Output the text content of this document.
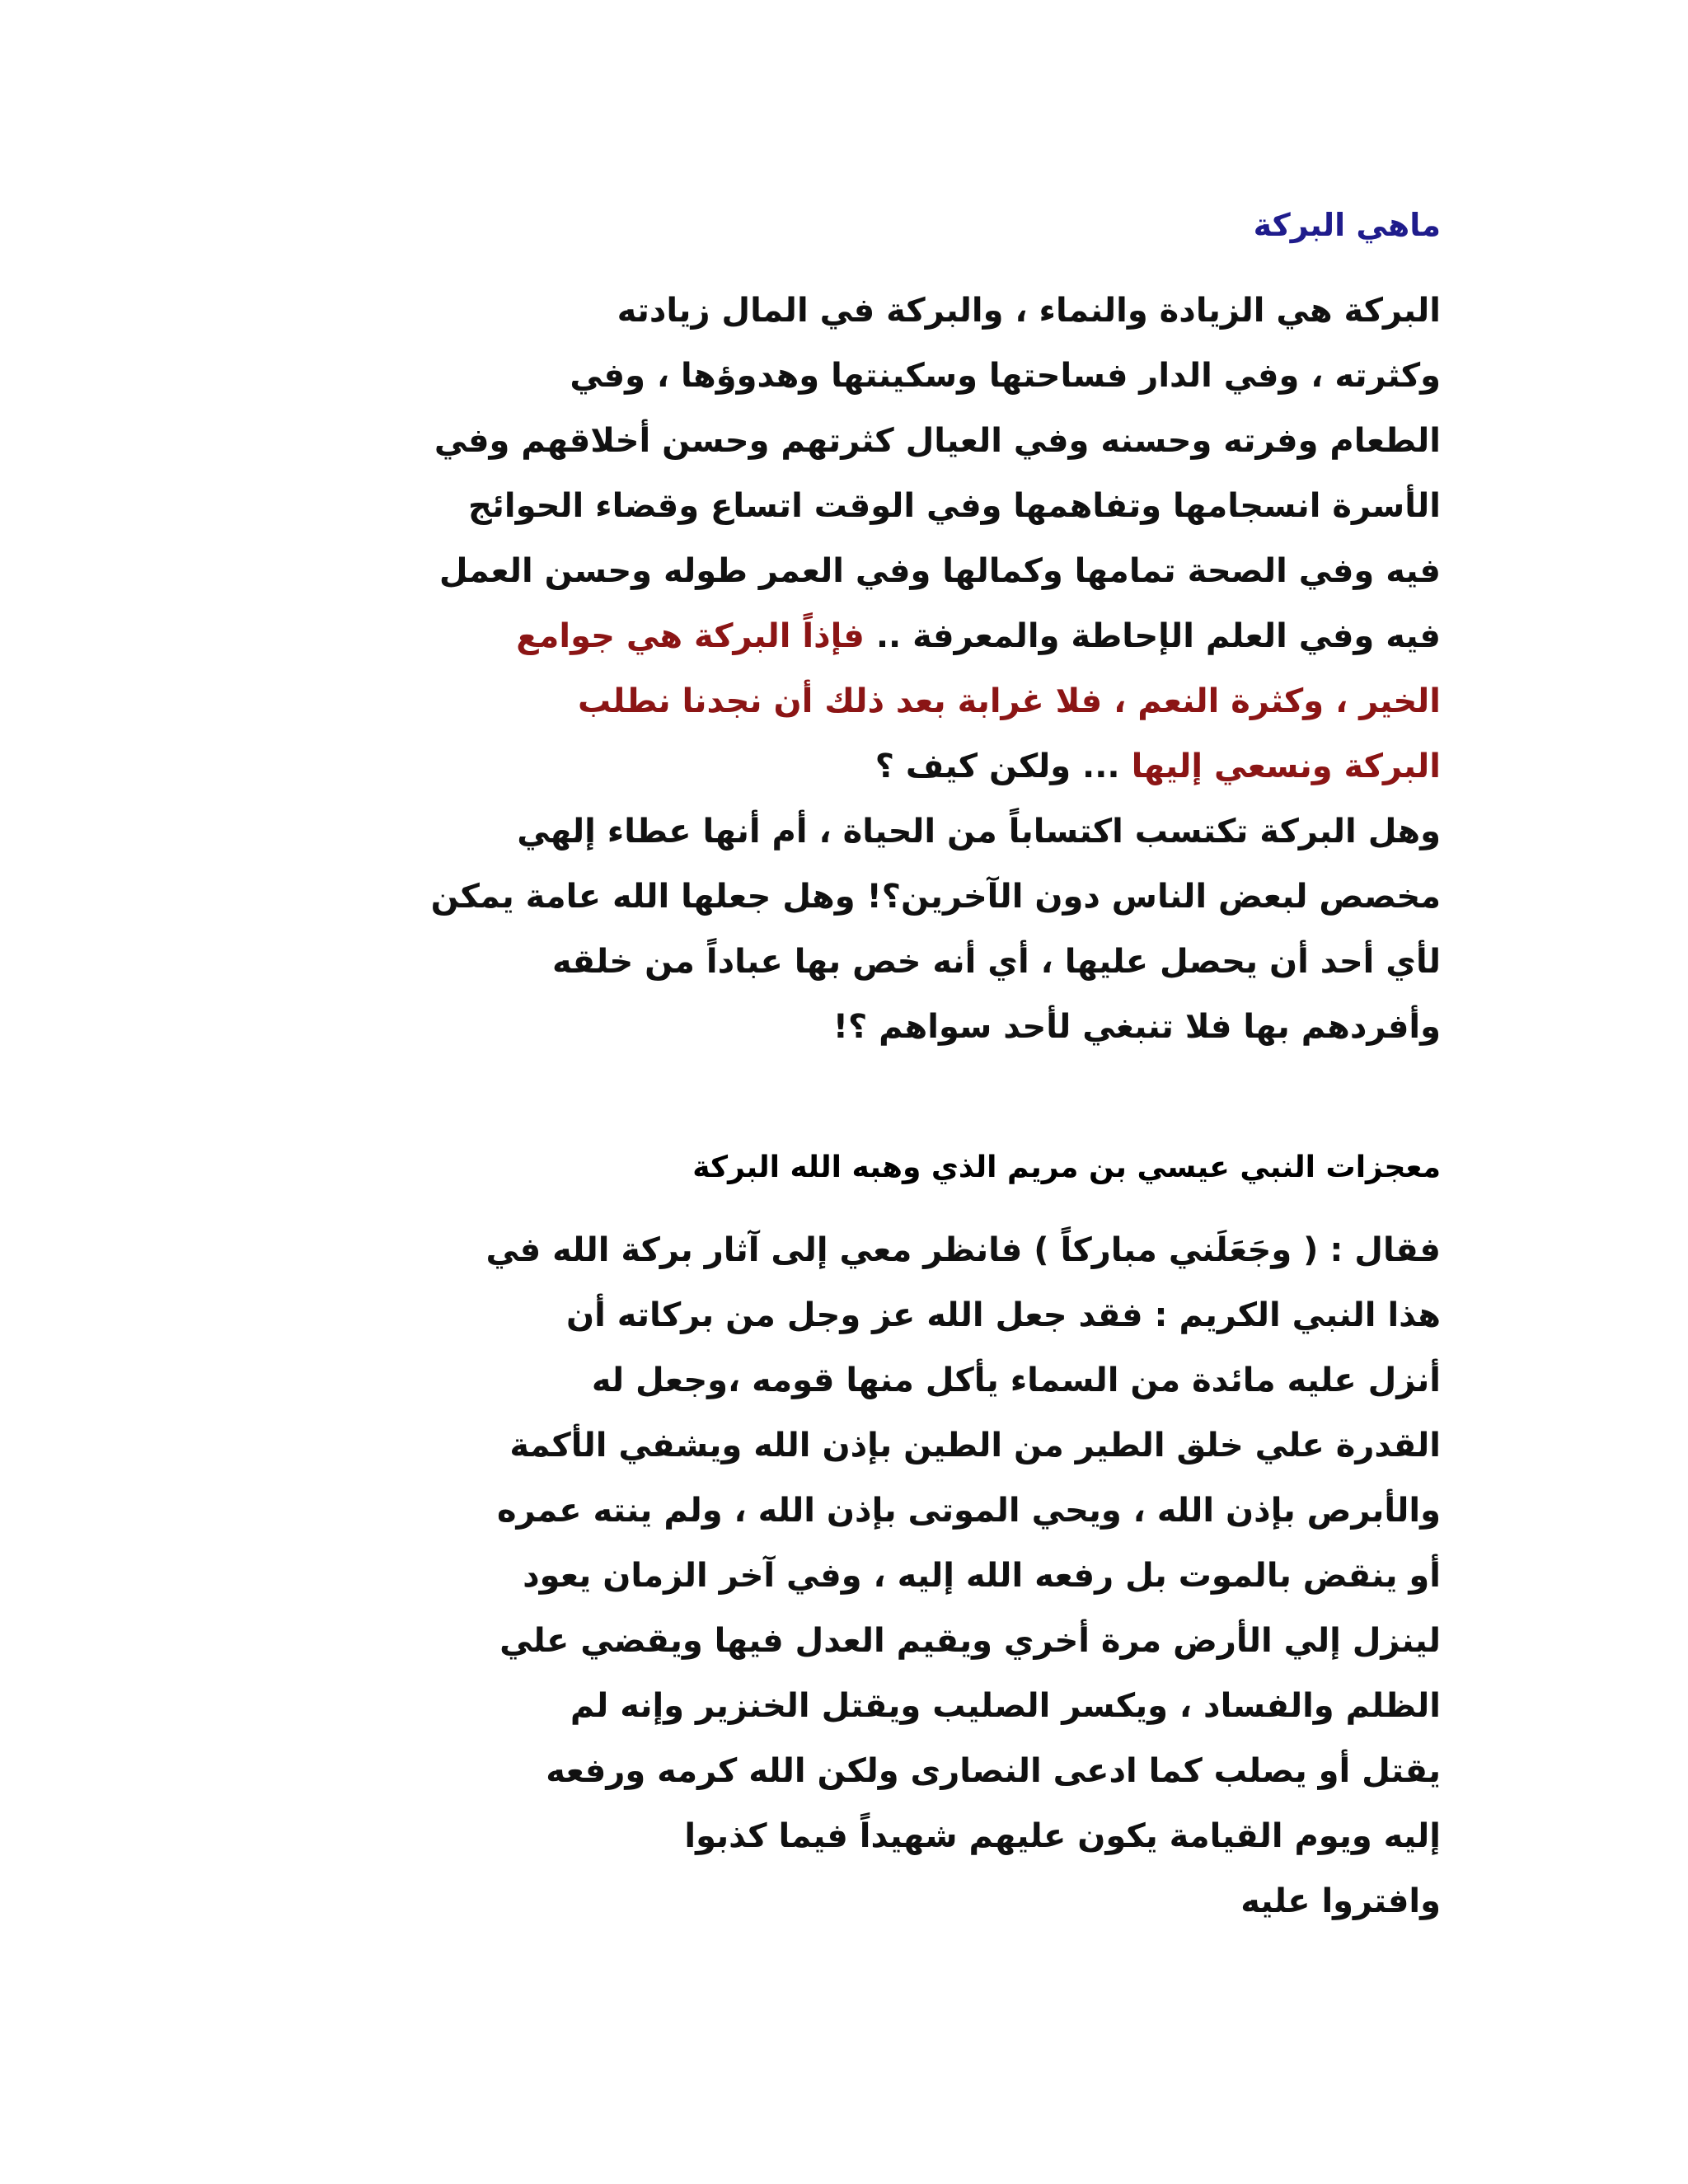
ماهي البركة
البركة هي الزيادة والنماء ، والبركة في المال زيادته
وكثرته ، وفي الدار فساحتها وسكينتها وهدوؤها ، وفي
الطعام وفرته وحسنه وفي العيال كثرتهم وحسن أخلاقهم وفي
الأسرة انسجامها وتفاهمها وفي الوقت اتساع وقضاء الحوائج
فيه وفي الصحة تمامها وكمالها وفي العمر طوله وحسن العمل
فيه وفي العلم الإحاطة والمعرفة .. فإذاً البركة هي جوامع
الخير ، وكثرة النعم ، فلا غرابة بعد ذلك أن نجدنا نطلب
البركة ونسعي إليها ... ولكن كيف ؟
وهل البركة تكتسب اكتساباً من الحياة ، أم أنها عطاء إلهي
مخصص لبعض الناس دون الآخرين؟! وهل جعلها الله عامة يمكن
لأي أحد أن يحصل عليها ، أي أنه خص بها عباداً من خلقه
وأفردهم بها فلا تنبغي لأحد سواهم ؟!
معجزات النبي عيسي بن مريم الذي وهبه الله البركة
فقال : ( وجَعَلَني مباركاً ) فانظر معي إلى آثار بركة الله في
هذا النبي الكريم : فقد جعل الله عز وجل من بركاته أن
أنزل عليه مائدة من السماء يأكل منها قومه ،وجعل له
القدرة علي خلق الطير من الطين بإذن الله ويشفي الأكمة
والأبرص بإذن الله ، ويحي الموتى بإذن الله ، ولم ينته عمره
أو ينقض بالموت بل رفعه الله إليه ، وفي آخر الزمان يعود
لينزل إلي الأرض مرة أخري ويقيم العدل فيها ويقضي علي
الظلم والفساد ، ويكسر الصليب ويقتل الخنزير وإنه لم
يقتل أو يصلب كما ادعى النصارى ولكن الله كرمه ورفعه
إليه ويوم القيامة يكون عليهم شهيداً فيما كذبوا
وافتروا عليه
